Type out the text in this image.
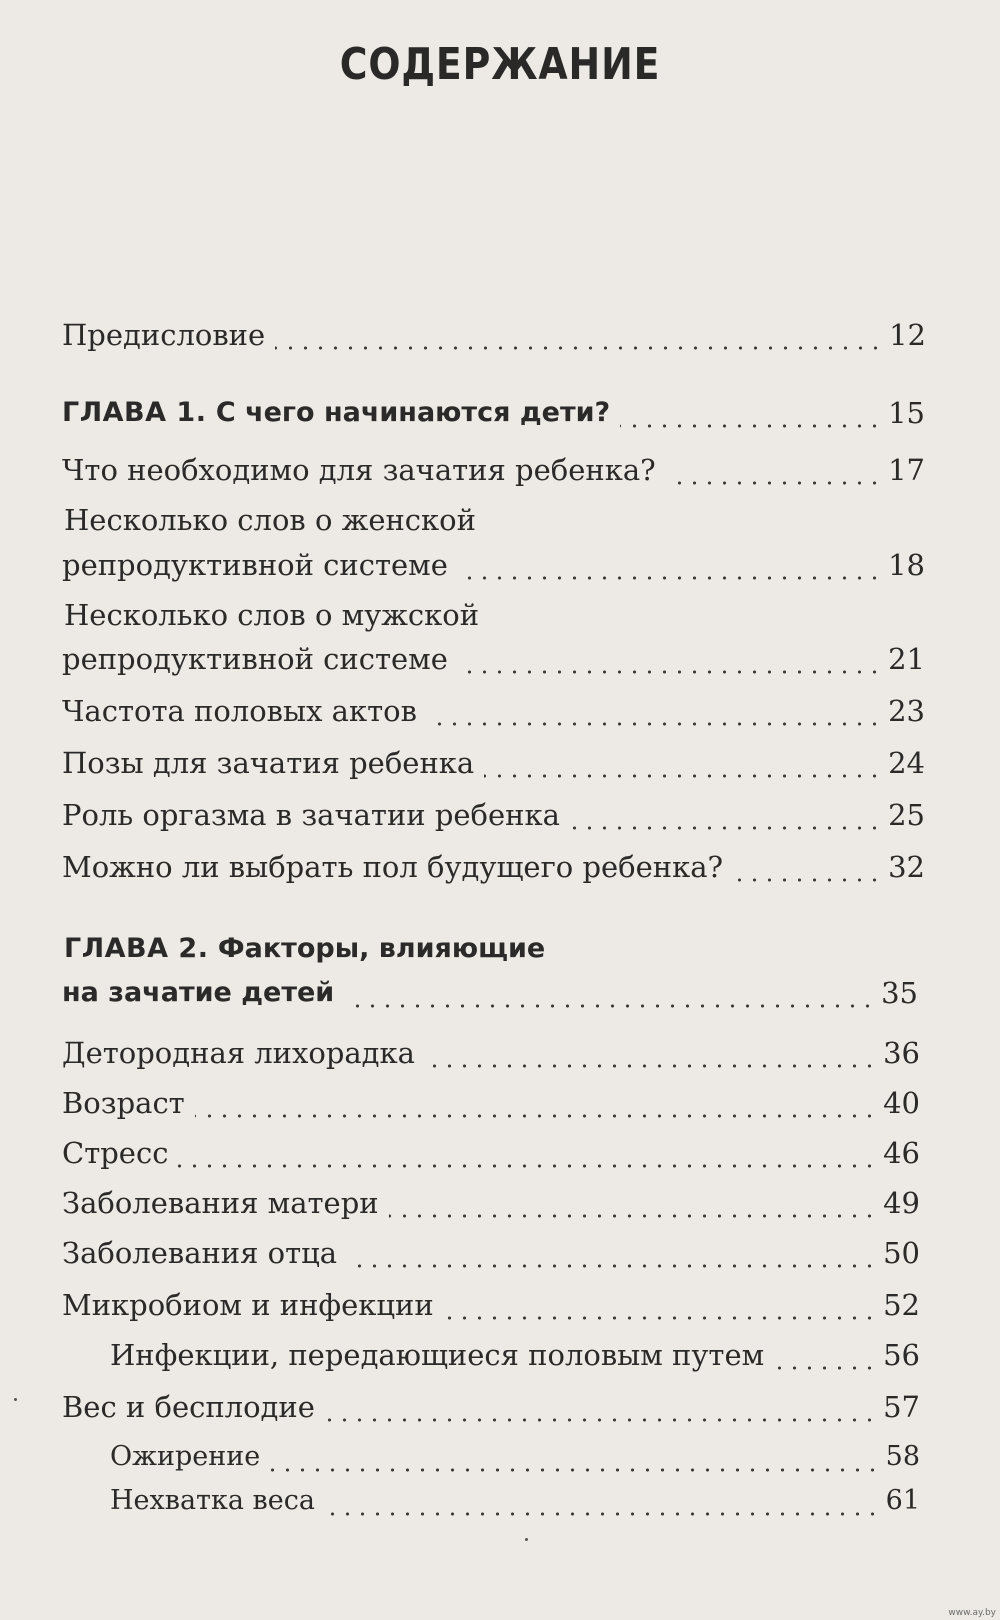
СОДЕРЖАНИЕ
Предисловие	12
ГЛАВА 1. С чего начинаются дети?	15
Что необходимо для зачатия ребенка?	17
Несколько слов о женской
репродуктивной системе	18
Несколько слов о мужской
репродуктивной системе	21
Частота половых актов	23
Позы для зачатия ребенка	24
Роль оргазма в зачатии ребенка	25
Можно ли выбрать пол будущего ребенка?	32
ГЛАВА 2. Факторы, влияющие
на зачатие детей	35
Детородная лихорадка	36
Возраст	40
Стресс	46
Заболевания матери	49
Заболевания отца	50
Микробиом и инфекции	52
Инфекции, передающиеся половым путем	56
Вес и бесплодие	57
Ожирение	58
Нехватка веса	61
www.ay.by
